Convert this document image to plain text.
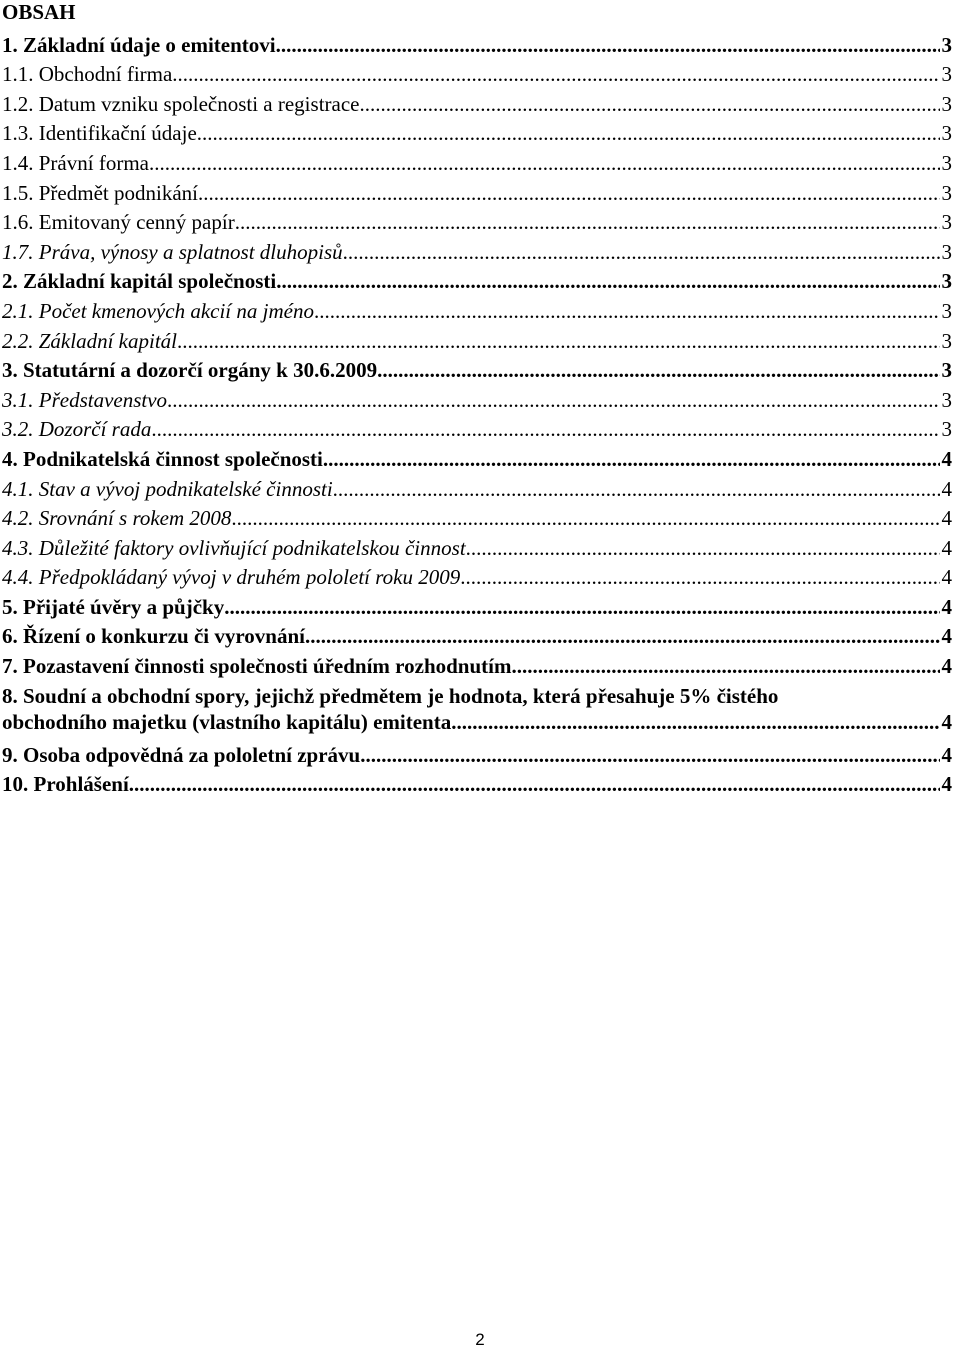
OBSAH
1. Základní údaje o emitentovi .....	3
1.1. Obchodní firma .....	3
1.2. Datum vzniku společnosti a registrace .....	3
1.3. Identifikační údaje .....	3
1.4. Právní forma .....	3
1.5. Předmět podnikání .....	3
1.6. Emitovaný cenný papír .....	3
1.7. Práva, výnosy a splatnost dluhopisů .....	3
2. Základní kapitál společnosti .....	3
2.1. Počet kmenových akcií na jméno .....	3
2.2. Základní kapitál .....	3
3. Statutární a dozorčí orgány k 30.6.2009 .....	3
3.1. Představenstvo .....	3
3.2. Dozorčí rada .....	3
4. Podnikatelská činnost společnosti .....	4
4.1. Stav a vývoj podnikatelské činnosti .....	4
4.2. Srovnání s rokem 2008 .....	4
4.3. Důležité faktory ovlivňující podnikatelskou činnost .....	4
4.4. Předpokládaný vývoj v druhém pololetí roku 2009 .....	4
5. Přijaté úvěry a půjčky .....	4
6. Řízení o konkurzu či vyrovnání .....	4
7. Pozastavení činnosti společnosti úředním rozhodnutím .....	4
8. Soudní a obchodní spory, jejichž předmětem je hodnota, která přesahuje 5% čistého
obchodního majetku (vlastního kapitálu) emitenta .....	4
9. Osoba odpovědná za pololetní zprávu .....	4
10. Prohlášení .....	4
2
